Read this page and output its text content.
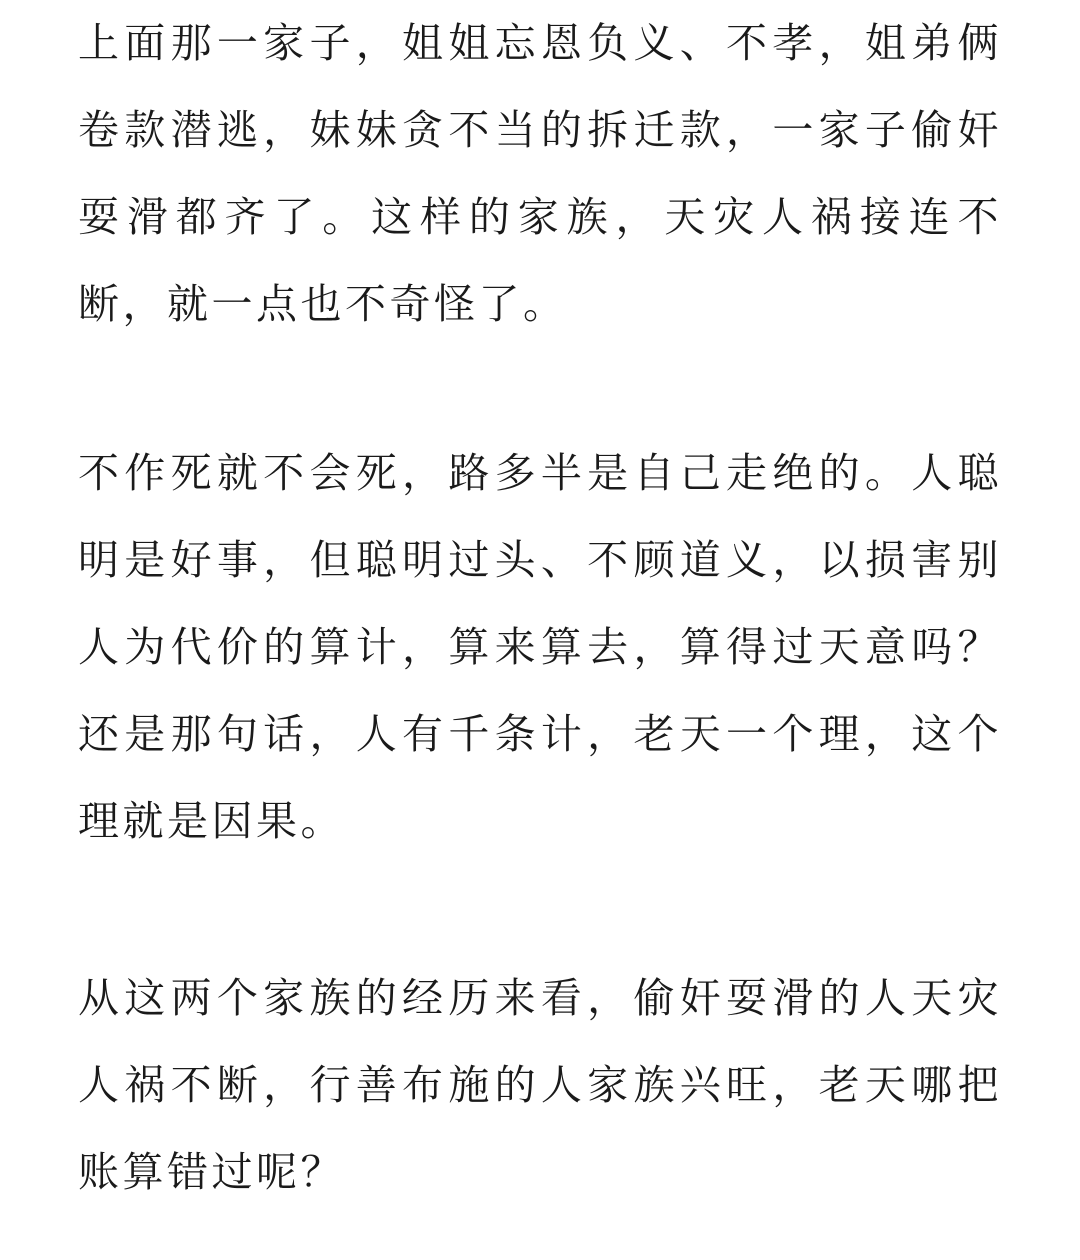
上面那一家子，姐姐忘恩负义、不孝，姐弟俩卷款潜逃，妹妹贪不当的拆迁款，一家子偷奸耍滑都齐了。这样的家族，天灾人祸接连不断，就一点也不奇怪了。

不作死就不会死，路多半是自己走绝的。人聪明是好事，但聪明过头、不顾道义，以损害别人为代价的算计，算来算去，算得过天意吗？还是那句话，人有千条计，老天一个理，这个理就是因果。

从这两个家族的经历来看，偷奸耍滑的人天灾人祸不断，行善布施的人家族兴旺，老天哪把账算错过呢？
